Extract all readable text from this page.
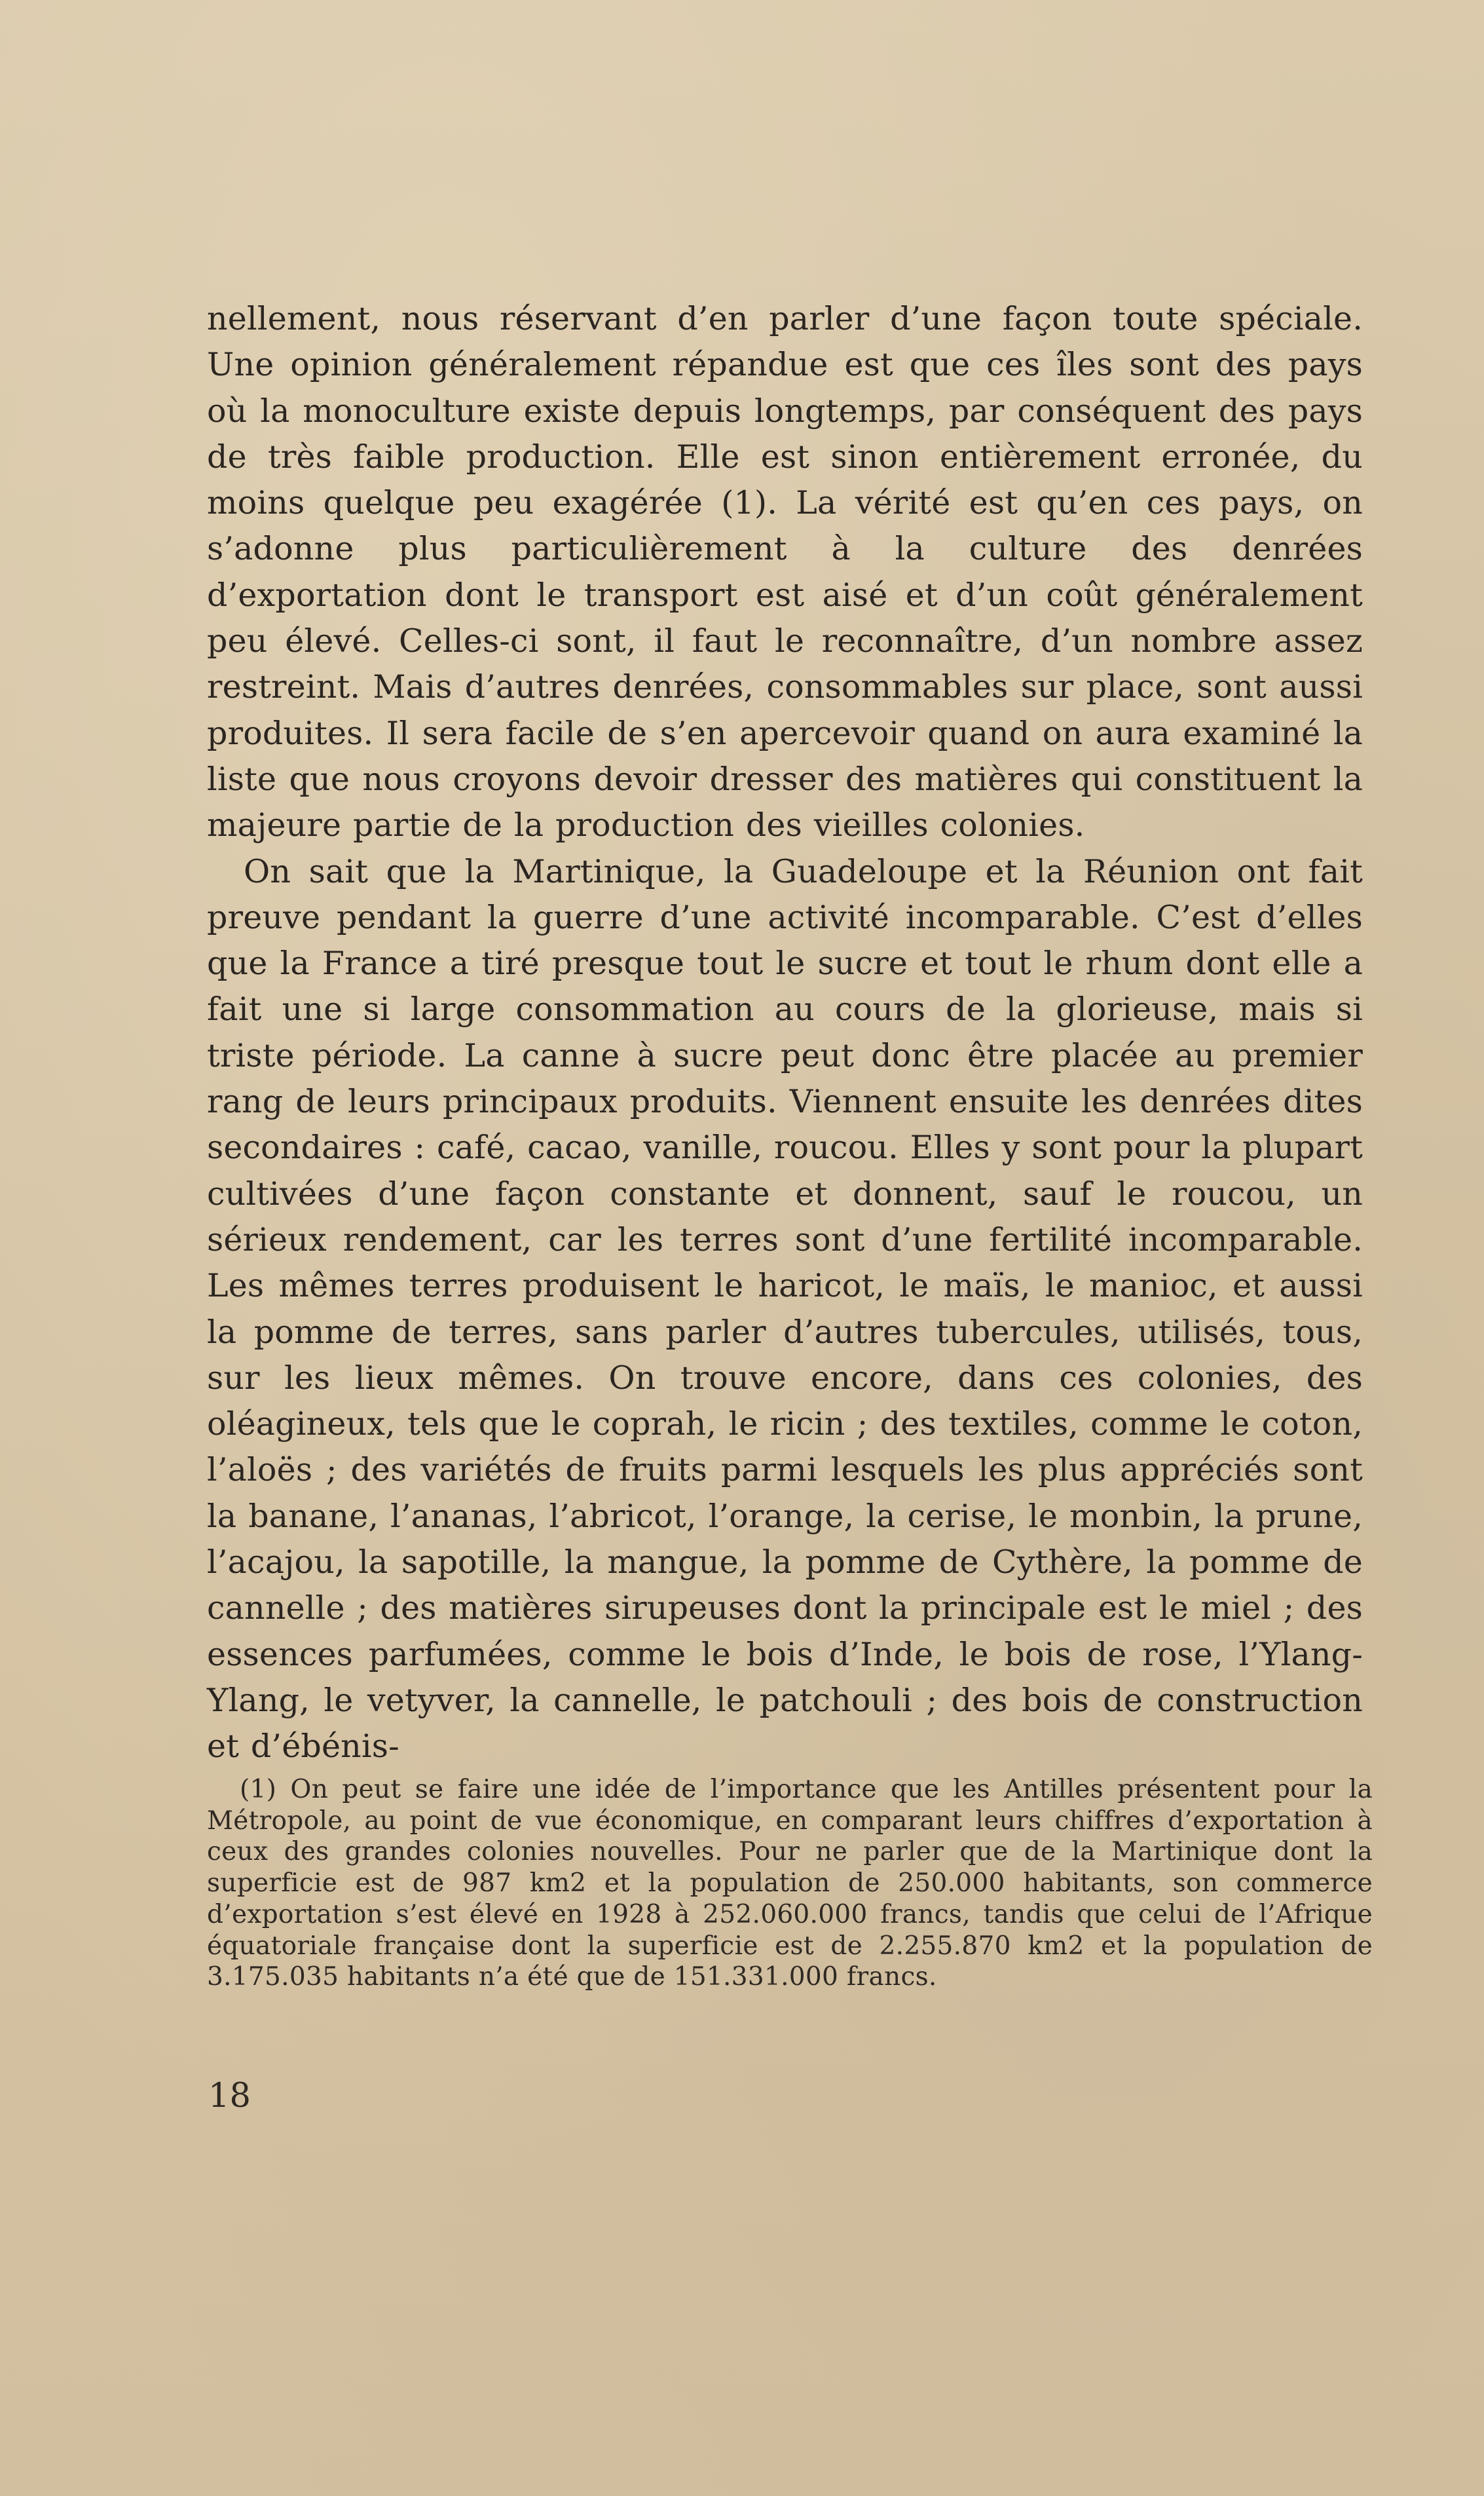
nellement, nous réservant d’en parler d’une façon toute spéciale. Une opinion généralement répandue est que ces îles sont des pays où la monoculture existe depuis longtemps, par conséquent des pays de très faible production. Elle est sinon entièrement erronée, du moins quelque peu exagérée (1). La vérité est qu’en ces pays, on s’adonne plus particulièrement à la culture des denrées d’exportation dont le transport est aisé et d’un coût généralement peu élevé. Celles-ci sont, il faut le reconnaître, d’un nombre assez restreint. Mais d’autres denrées, consommables sur place, sont aussi produites. Il sera facile de s’en apercevoir quand on aura examiné la liste que nous croyons devoir dresser des matières qui constituent la majeure partie de la production des vieilles colonies.

On sait que la Martinique, la Guadeloupe et la Réunion ont fait preuve pendant la guerre d’une activité incomparable. C’est d’elles que la France a tiré presque tout le sucre et tout le rhum dont elle a fait une si large consommation au cours de la glorieuse, mais si triste période. La canne à sucre peut donc être placée au premier rang de leurs principaux produits. Viennent ensuite les denrées dites secondaires : café, cacao, vanille, roucou. Elles y sont pour la plupart cultivées d’une façon constante et donnent, sauf le roucou, un sérieux rendement, car les terres sont d’une fertilité incomparable. Les mêmes terres produisent le haricot, le maïs, le manioc, et aussi la pomme de terres, sans parler d’autres tubercules, utilisés, tous, sur les lieux mêmes. On trouve encore, dans ces colonies, des oléagineux, tels que le coprah, le ricin ; des textiles, comme le coton, l’aloës ; des variétés de fruits parmi lesquels les plus appréciés sont la banane, l’ananas, l’abricot, l’orange, la cerise, le monbin, la prune, l’acajou, la sapotille, la mangue, la pomme de Cythère, la pomme de cannelle ; des matières sirupeuses dont la principale est le miel ; des essences parfumées, comme le bois d’Inde, le bois de rose, l’Ylang-Ylang, le vetyver, la cannelle, le patchouli ; des bois de construction et d’ébénis-

(1) On peut se faire une idée de l’importance que les Antilles présentent pour la Métropole, au point de vue économique, en comparant leurs chiffres d’exportation à ceux des grandes colonies nouvelles. Pour ne parler que de la Martinique dont la superficie est de 987 km2 et la population de 250.000 habitants, son commerce d’exportation s’est élevé en 1928 à 252.060.000 francs, tandis que celui de l’Afrique équatoriale française dont la superficie est de 2.255.870 km2 et la population de 3.175.035 habitants n’a été que de 151.331.000 francs.

18
